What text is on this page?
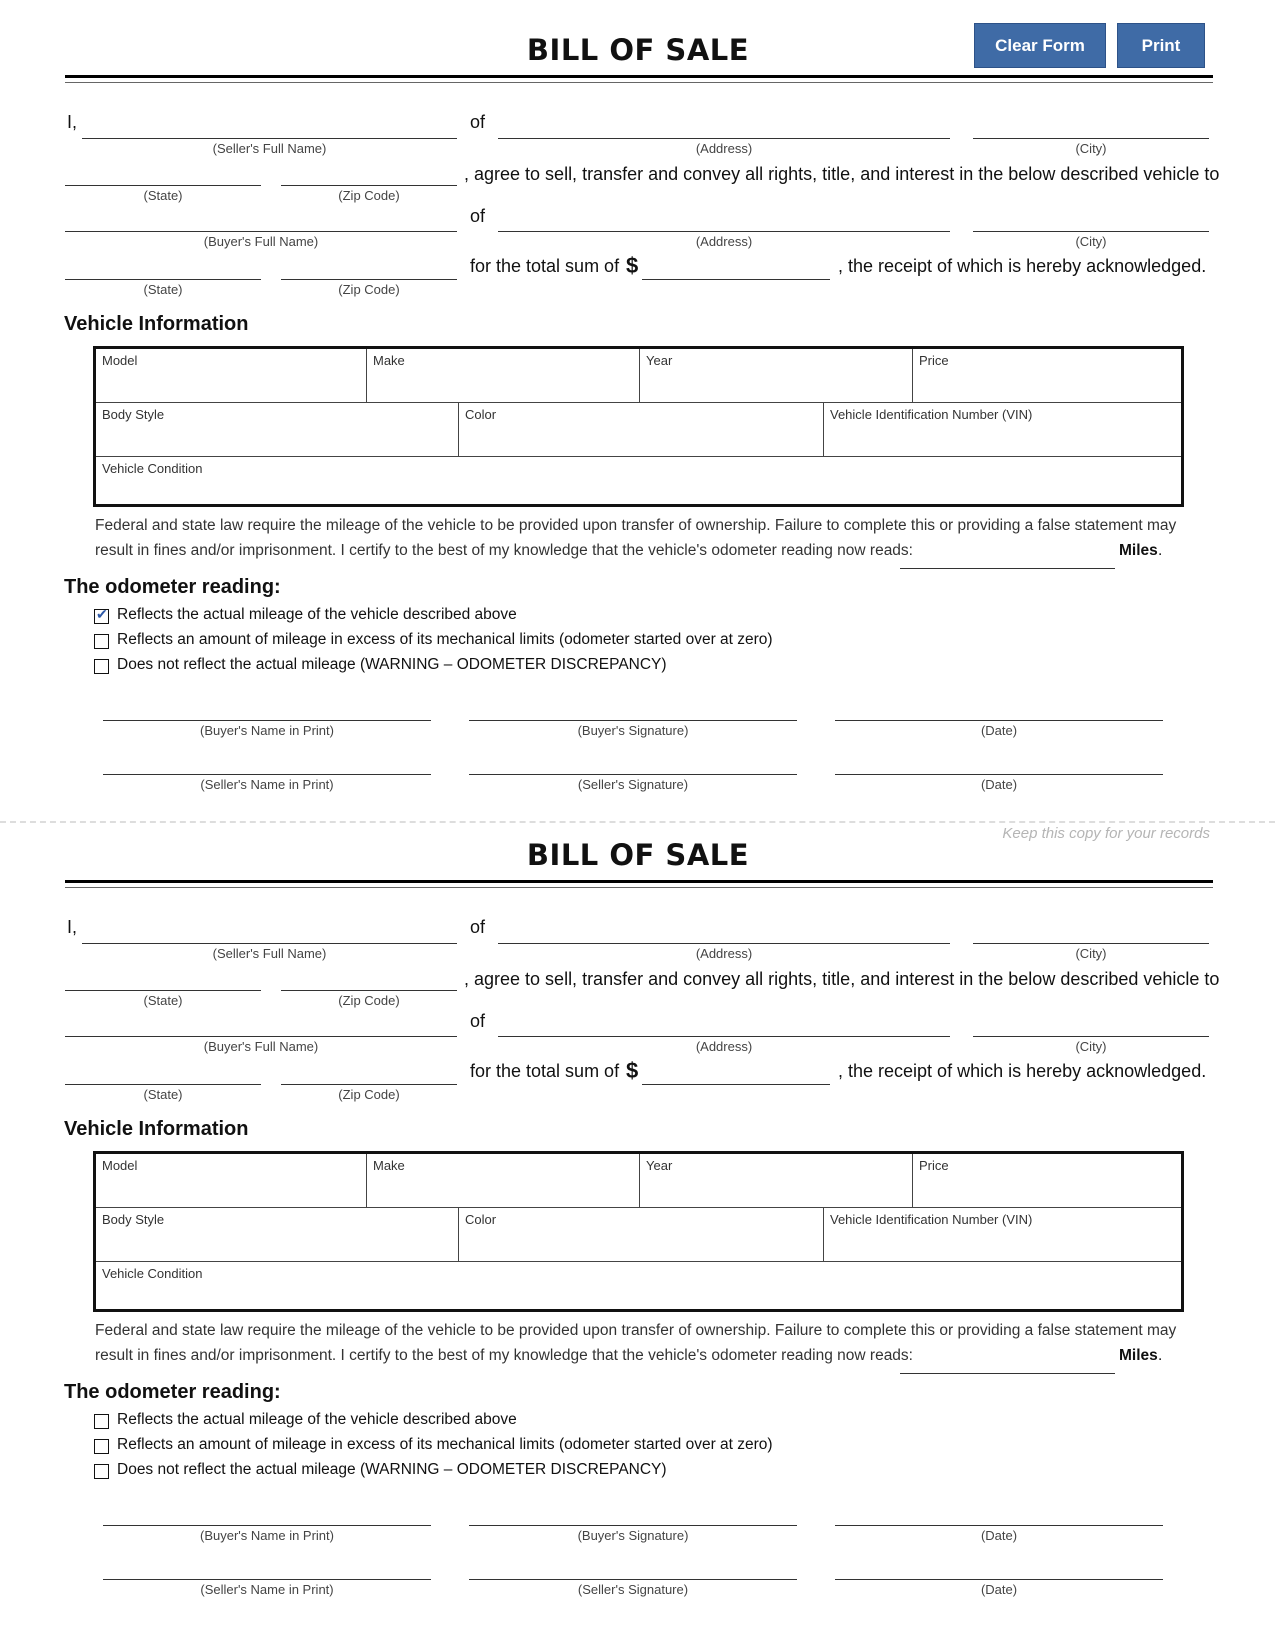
Clear Form	Print
Keep this copy for your records
BILL OF SALE
I,
(Seller's Full Name)
of
(Address)	(City)
(State)	(Zip Code)
, agree to sell, transfer and convey all rights, title, and interest in the below described vehicle to
(Buyer's Full Name)
of
(Address)	(City)
(State)	(Zip Code)
for the total sum of $	, the receipt of which is hereby acknowledged.
Vehicle Information
Model	Make	Year	Price
Body Style	Color	Vehicle Identification Number (VIN)
Vehicle Condition
Federal and state law require the mileage of the vehicle to be provided upon transfer of ownership. Failure to complete this or providing a false statement may
result in fines and/or imprisonment. I certify to the best of my knowledge that the vehicle's odometer reading now reads:	Miles .
The odometer reading:
✔
Reflects the actual mileage of the vehicle described above
Reflects an amount of mileage in excess of its mechanical limits (odometer started over at zero)
Does not reflect the actual mileage (WARNING – ODOMETER DISCREPANCY)
(Buyer's Name in Print)	(Buyer's Signature)	(Date)
(Seller's Name in Print)	(Seller's Signature)	(Date)
BILL OF SALE
I,
(Seller's Full Name)
of
(Address)	(City)
(State)	(Zip Code)
, agree to sell, transfer and convey all rights, title, and interest in the below described vehicle to
(Buyer's Full Name)
of
(Address)	(City)
(State)	(Zip Code)
for the total sum of $	, the receipt of which is hereby acknowledged.
Vehicle Information
Model	Make	Year	Price
Body Style	Color	Vehicle Identification Number (VIN)
Vehicle Condition
Federal and state law require the mileage of the vehicle to be provided upon transfer of ownership. Failure to complete this or providing a false statement may
result in fines and/or imprisonment. I certify to the best of my knowledge that the vehicle's odometer reading now reads:	Miles .
The odometer reading:
Reflects the actual mileage of the vehicle described above
Reflects an amount of mileage in excess of its mechanical limits (odometer started over at zero)
Does not reflect the actual mileage (WARNING – ODOMETER DISCREPANCY)
(Buyer's Name in Print)	(Buyer's Signature)	(Date)
(Seller's Name in Print)	(Seller's Signature)	(Date)
